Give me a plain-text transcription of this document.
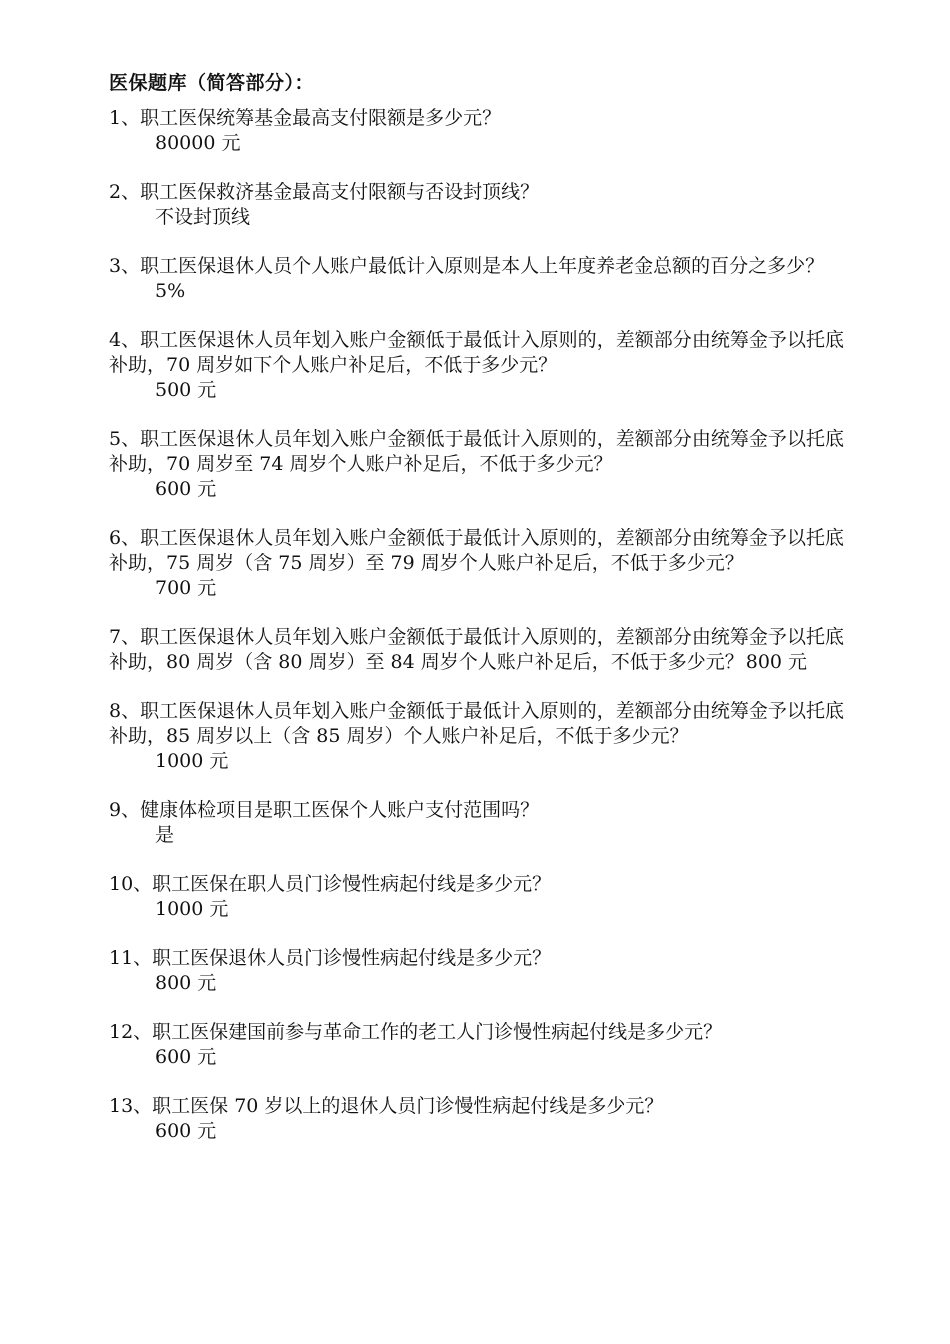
医保题库（简答部分）：

1、职工医保统筹基金最高支付限额是多少元？

80000 元

2、职工医保救济基金最高支付限额与否设封顶线？

不设封顶线

3、职工医保退休人员个人账户最低计入原则是本人上年度养老金总额的百分之多少？

5%

4、职工医保退休人员年划入账户金额低于最低计入原则的，差额部分由统筹金予以托底补助，70 周岁如下个人账户补足后，不低于多少元？

500 元

5、职工医保退休人员年划入账户金额低于最低计入原则的，差额部分由统筹金予以托底补助，70 周岁至 74 周岁个人账户补足后，不低于多少元？

600 元

6、职工医保退休人员年划入账户金额低于最低计入原则的，差额部分由统筹金予以托底补助，75 周岁（含 75 周岁）至 79 周岁个人账户补足后，不低于多少元？

700 元

7、职工医保退休人员年划入账户金额低于最低计入原则的，差额部分由统筹金予以托底补助，80 周岁（含 80 周岁）至 84 周岁个人账户补足后，不低于多少元？ 800 元

8、职工医保退休人员年划入账户金额低于最低计入原则的，差额部分由统筹金予以托底补助，85 周岁以上（含 85 周岁）个人账户补足后，不低于多少元？

1000 元

9、健康体检项目是职工医保个人账户支付范围吗？

是

10、职工医保在职人员门诊慢性病起付线是多少元？

1000 元

11、职工医保退休人员门诊慢性病起付线是多少元？

800 元

12、职工医保建国前参与革命工作的老工人门诊慢性病起付线是多少元？

600 元

13、职工医保 70 岁以上的退休人员门诊慢性病起付线是多少元？

600 元
